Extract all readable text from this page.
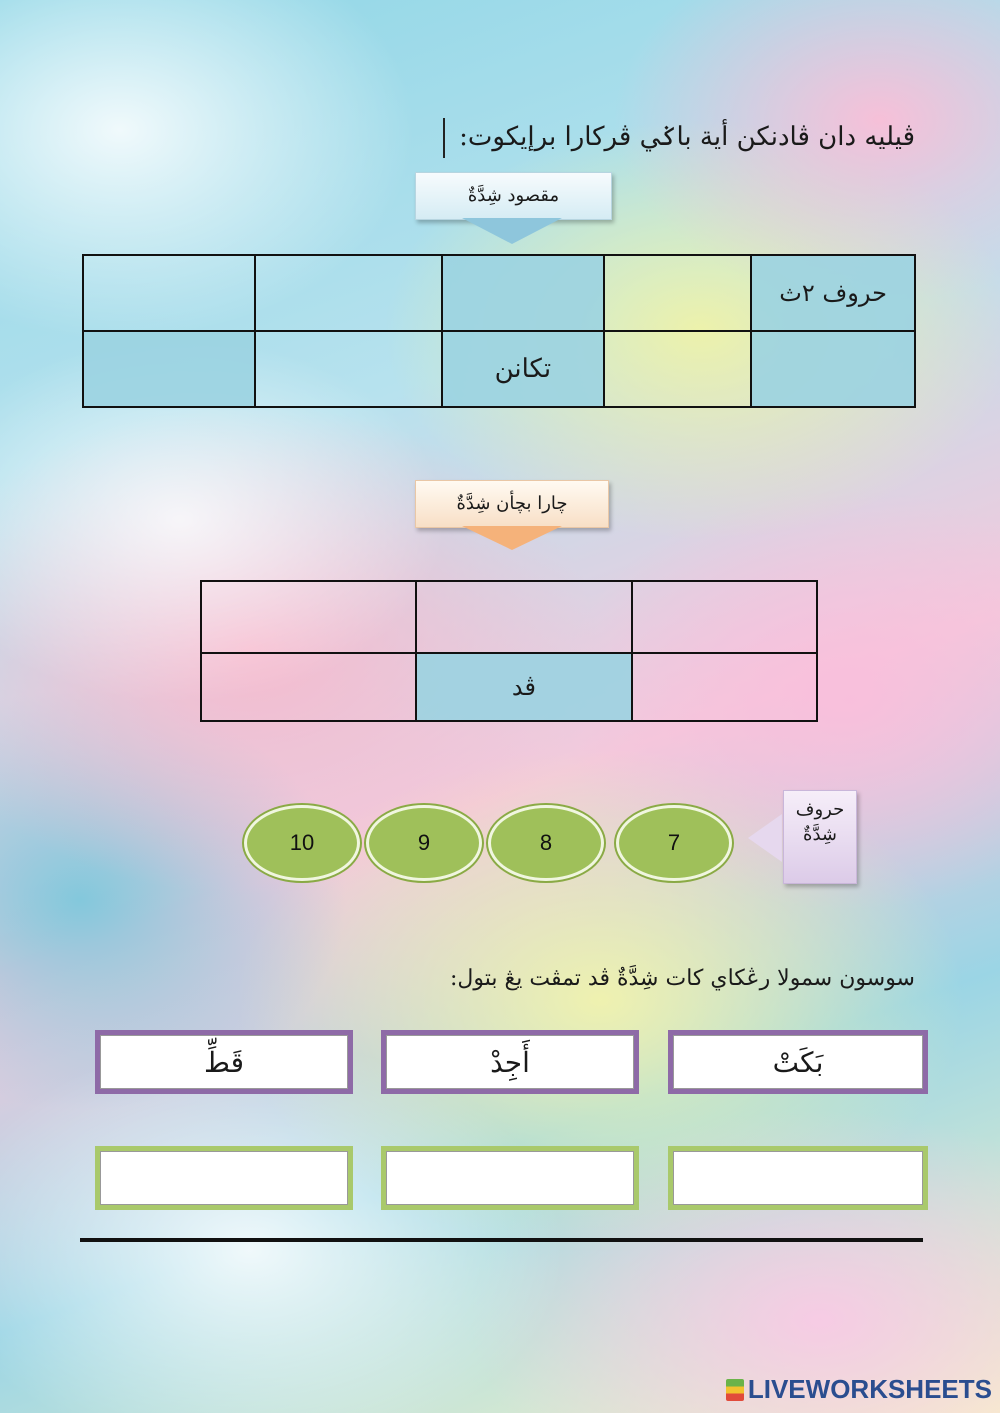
ڤيليه دان ڤادنكن أية باݢي ڤركارا برإيکوت:
مقصود شِدَّةٌ
				حروف ٢ث
		تكانن		
چارا بچأن شِدَّةٌ

	ڤد	
10	9	8	7
حروف
شِدَّةٌ
سوسون سمولا رڠکاي کات شِدَّةٌ ڤد تمڤت يڠ بتول:
قَطِّ	أَجِدْ	بَكَتْ
LIVEWORKSHEETS
